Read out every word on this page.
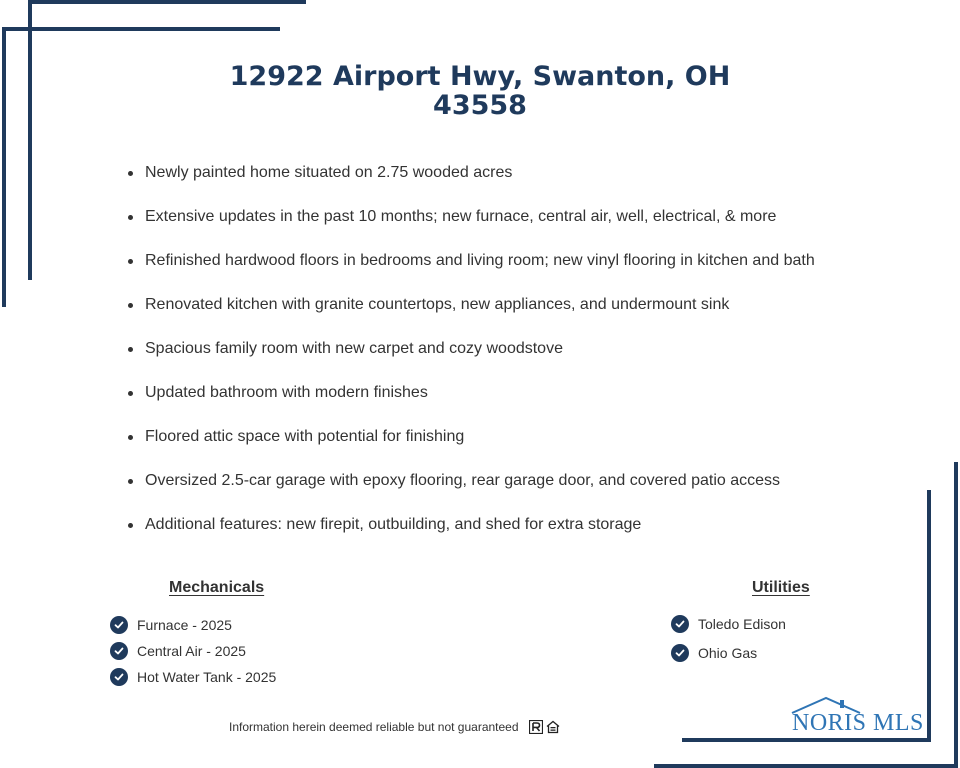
12922 Airport Hwy, Swanton, OH
43558
Newly painted home situated on 2.75 wooded acres
Extensive updates in the past 10 months; new furnace, central air, well, electrical, & more
Refinished hardwood floors in bedrooms and living room; new vinyl flooring in kitchen and bath
Renovated kitchen with granite countertops, new appliances, and undermount sink
Spacious family room with new carpet and cozy woodstove
Updated bathroom with modern finishes
Floored attic space with potential for finishing
Oversized 2.5-car garage with epoxy flooring, rear garage door, and covered patio access
Additional features: new firepit, outbuilding, and shed for extra storage
Mechanicals
Furnace - 2025
Central Air - 2025
Hot Water Tank - 2025
Utilities
Toledo Edison
Ohio Gas
Information herein deemed reliable but not guaranteed	NORIS MLS
